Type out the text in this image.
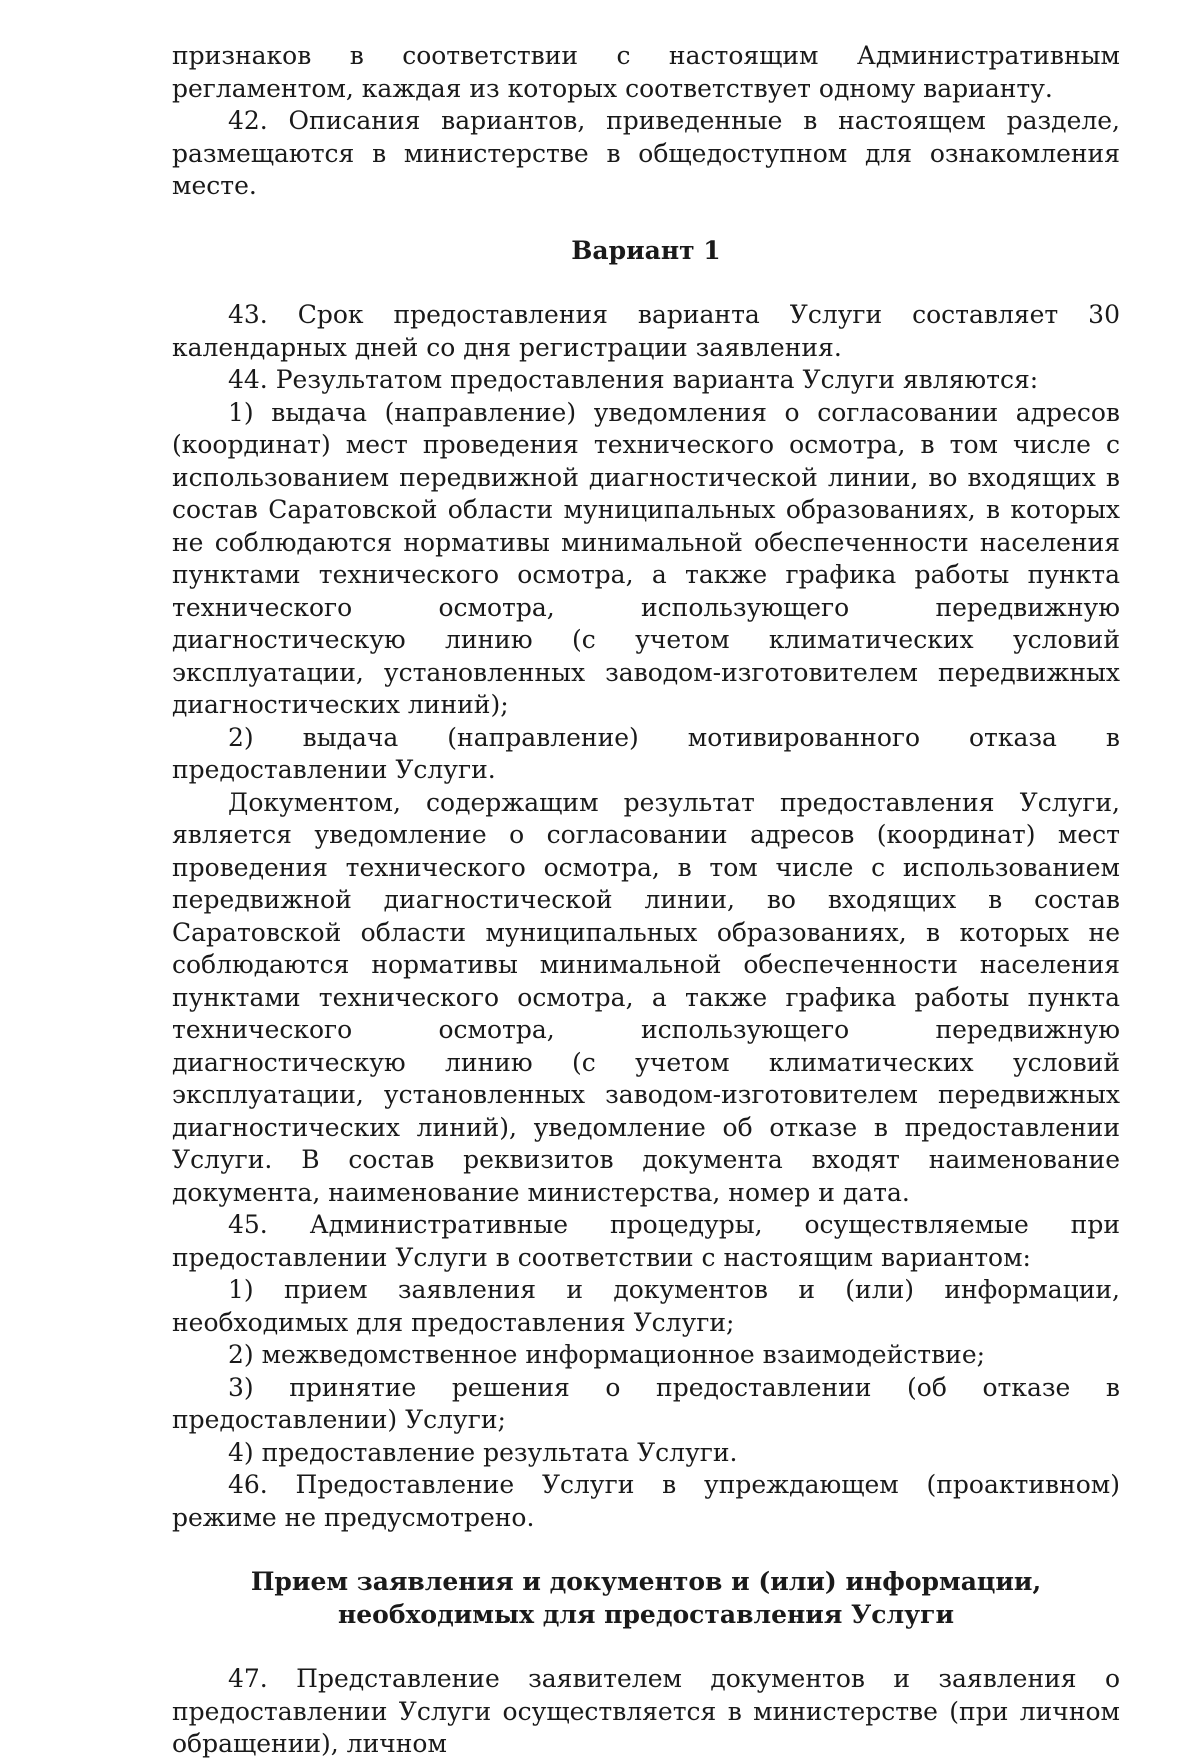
признаков в соответствии с настоящим Административным регламентом, каждая из которых соответствует одному варианту.

42. Описания вариантов, приведенные в настоящем разделе, размещаются в министерстве в общедоступном для ознакомления месте.

Вариант 1

43. Срок предоставления варианта Услуги составляет 30 календарных дней со дня регистрации заявления.

44. Результатом предоставления варианта Услуги являются:

1) выдача (направление) уведомления о согласовании адресов (координат) мест проведения технического осмотра, в том числе с использованием передвижной диагностической линии, во входящих в состав Саратовской области муниципальных образованиях, в которых не соблюдаются нормативы минимальной обеспеченности населения пунктами технического осмотра, а также графика работы пункта технического осмотра, использующего передвижную диагностическую линию (с учетом климатических условий эксплуатации, установленных заводом-изготовителем передвижных диагностических линий);

2) выдача (направление) мотивированного отказа в предоставлении Услуги.

Документом, содержащим результат предоставления Услуги, является уведомление о согласовании адресов (координат) мест проведения технического осмотра, в том числе с использованием передвижной диагностической линии, во входящих в состав Саратовской области муниципальных образованиях, в которых не соблюдаются нормативы минимальной обеспеченности населения пунктами технического осмотра, а также графика работы пункта технического осмотра, использующего передвижную диагностическую линию (с учетом климатических условий эксплуатации, установленных заводом-изготовителем передвижных диагностических линий), уведомление об отказе в предоставлении Услуги. В состав реквизитов документа входят наименование документа, наименование министерства, номер и дата.

45. Административные процедуры, осуществляемые при предоставлении Услуги в соответствии с настоящим вариантом:

1) прием заявления и документов и (или) информации, необходимых для предоставления Услуги;

2) межведомственное информационное взаимодействие;

3) принятие решения о предоставлении (об отказе в предоставлении) Услуги;

4) предоставление результата Услуги.

46. Предоставление Услуги в упреждающем (проактивном) режиме не предусмотрено.

Прием заявления и документов и (или) информации,
необходимых для предоставления Услуги

47. Представление заявителем документов и заявления о предоставлении Услуги осуществляется в министерстве (при личном обращении), личном
